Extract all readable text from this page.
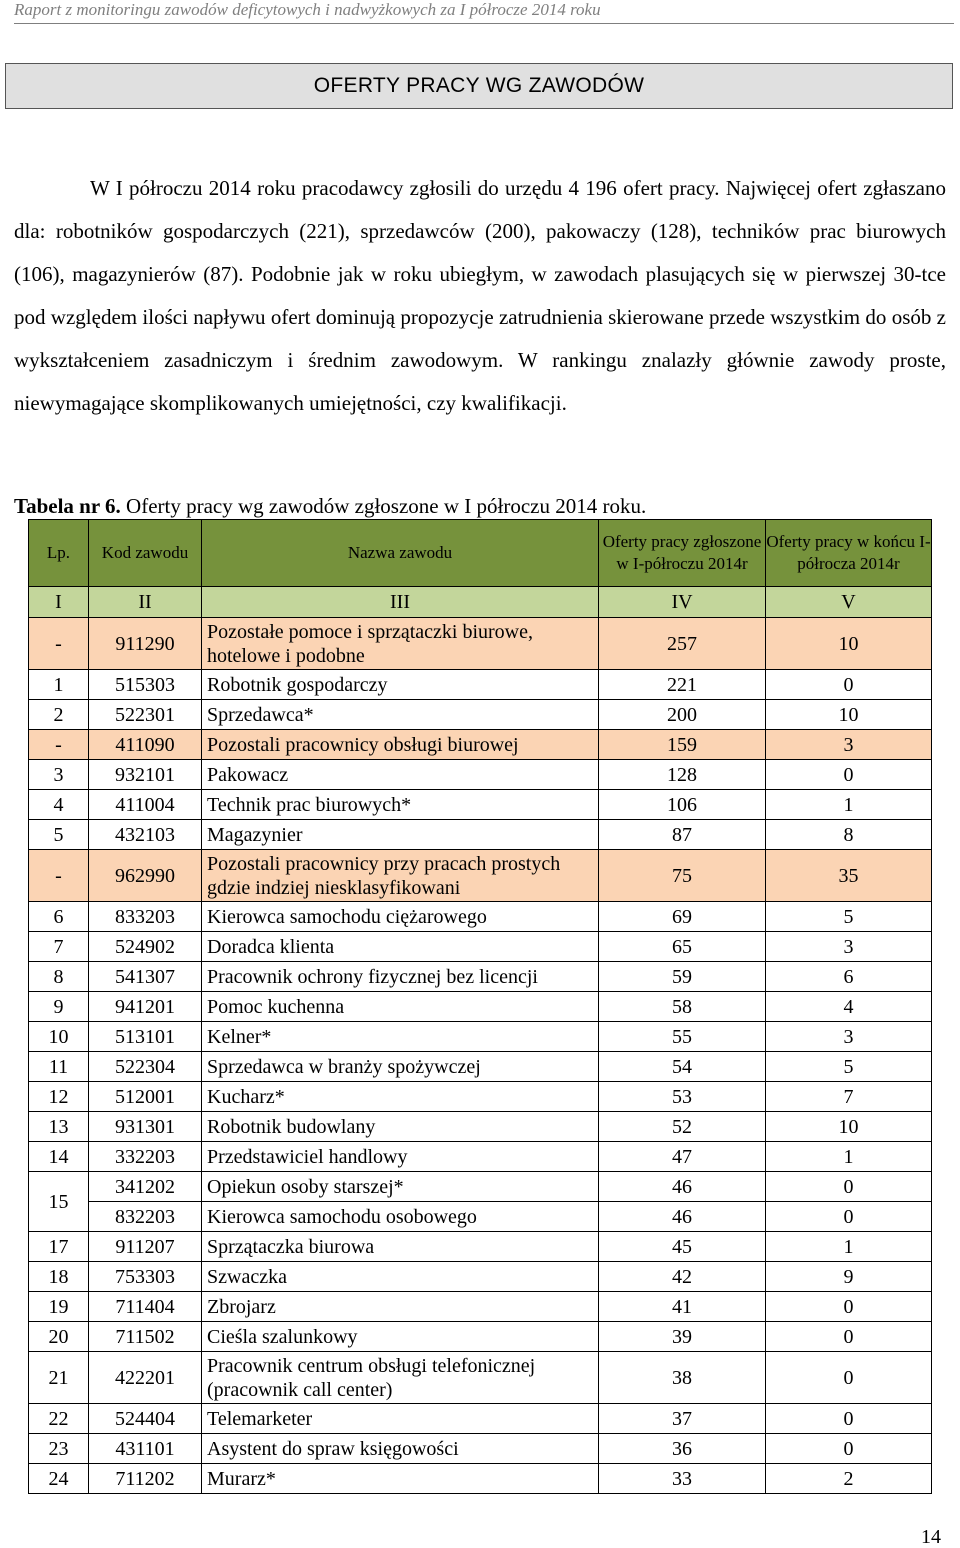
Raport z monitoringu zawodów deficytowych i nadwyżkowych za I półrocze 2014 roku
OFERTY PRACY WG ZAWODÓW

W I półroczu 2014 roku pracodawcy zgłosili do urzędu 4 196 ofert pracy. Najwięcej ofert zgłaszano dla: robotników gospodarczych (221), sprzedawców (200), pakowaczy (128), techników prac biurowych (106), magazynierów (87). Podobnie jak w roku ubiegłym, w zawodach plasujących się w pierwszej 30-tce pod względem ilości napływu ofert dominują propozycje zatrudnienia skierowane przede wszystkim do osób z wykształceniem zasadniczym i średnim zawodowym. W rankingu znalazły głównie zawody proste, niewymagające skomplikowanych umiejętności, czy kwalifikacji.

Tabela nr 6. Oferty pracy wg zawodów zgłoszone w I półroczu 2014 roku.
Lp.	Kod zawodu	Nazwa zawodu	Oferty pracy zgłoszone w I-półroczu 2014r	Oferty pracy w końcu I-półrocza 2014r
I	II	III	IV	V
-	911290	Pozostałe pomoce i sprzątaczki biurowe, hotelowe i podobne	257	10
1	515303	Robotnik gospodarczy	221	0
2	522301	Sprzedawca*	200	10
-	411090	Pozostali pracownicy obsługi biurowej	159	3
3	932101	Pakowacz	128	0
4	411004	Technik prac biurowych*	106	1
5	432103	Magazynier	87	8
-	962990	Pozostali pracownicy przy pracach prostych gdzie indziej niesklasyfikowani	75	35
6	833203	Kierowca samochodu ciężarowego	69	5
7	524902	Doradca klienta	65	3
8	541307	Pracownik ochrony fizycznej bez licencji	59	6
9	941201	Pomoc kuchenna	58	4
10	513101	Kelner*	55	3
11	522304	Sprzedawca w branży spożywczej	54	5
12	512001	Kucharz*	53	7
13	931301	Robotnik budowlany	52	10
14	332203	Przedstawiciel handlowy	47	1
15	341202	Opiekun osoby starszej*	46	0
	832203	Kierowca samochodu osobowego	46	0
17	911207	Sprzątaczka biurowa	45	1
18	753303	Szwaczka	42	9
19	711404	Zbrojarz	41	0
20	711502	Cieśla szalunkowy	39	0
21	422201	Pracownik centrum obsługi telefonicznej (pracownik call center)	38	0
22	524404	Telemarketer	37	0
23	431101	Asystent do spraw księgowości	36	0
24	711202	Murarz*	33	2
14
